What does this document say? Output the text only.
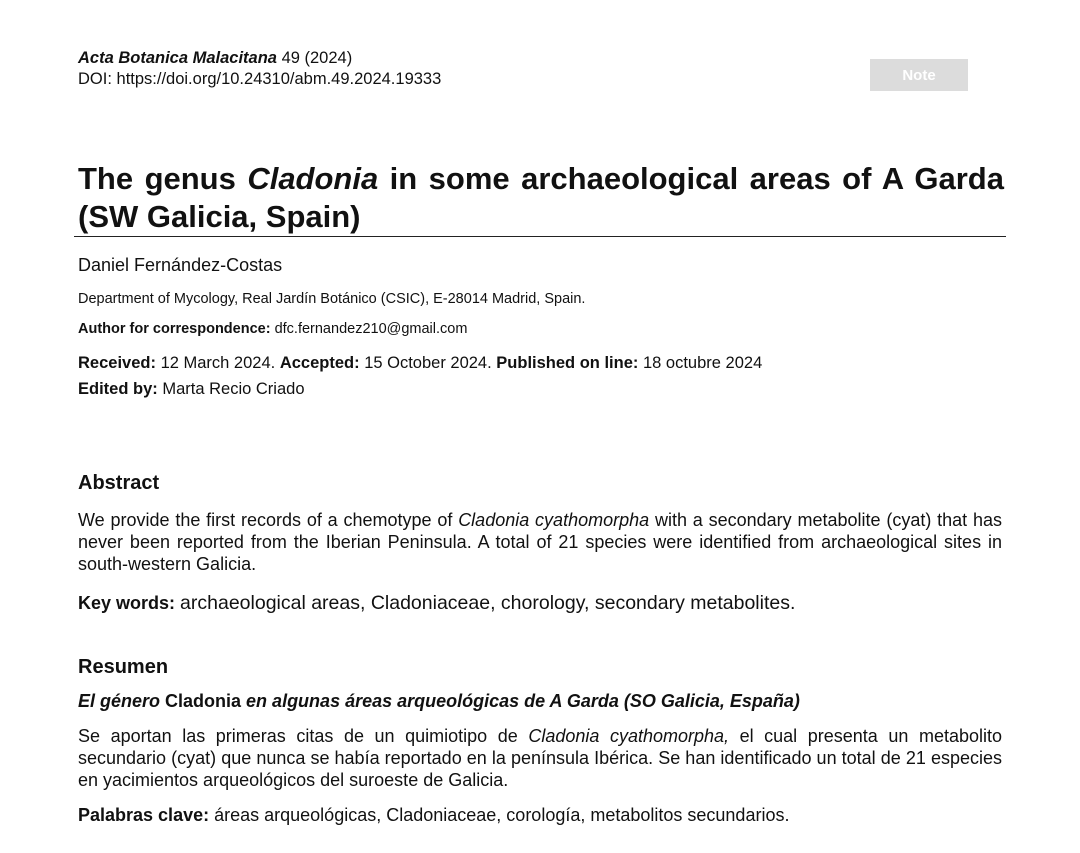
Acta Botanica Malacitana 49 (2024)
DOI: https://doi.org/10.24310/abm.49.2024.19333	Note
The genus Cladonia in some archaeological areas of A Garda (SW Galicia, Spain)
Daniel Fernández-Costas
Department of Mycology, Real Jardín Botánico (CSIC), E-28014 Madrid, Spain.
Author for correspondence: dfc.fernandez210@gmail.com
Received: 12 March 2024. Accepted: 15 October 2024. Published on line: 18 octubre 2024
Edited by: Marta Recio Criado
Abstract

We provide the first records of a chemotype of Cladonia cyathomorpha with a secondary metabolite (cyat) that has never been reported from the Iberian Peninsula. A total of 21 species were identified from archaeological sites in south-western Galicia.

Key words: archaeological areas, Cladoniaceae, chorology, secondary metabolites.
Resumen
El género Cladonia en algunas áreas arqueológicas de A Garda (SO Galicia, España)

Se aportan las primeras citas de un quimiotipo de Cladonia cyathomorpha, el cual presenta un metabolito secundario (cyat) que nunca se había reportado en la península Ibérica. Se han identificado un total de 21 especies en yacimientos arqueológicos del suroeste de Galicia.

Palabras clave: áreas arqueológicas, Cladoniaceae, corología, metabolitos secundarios.
